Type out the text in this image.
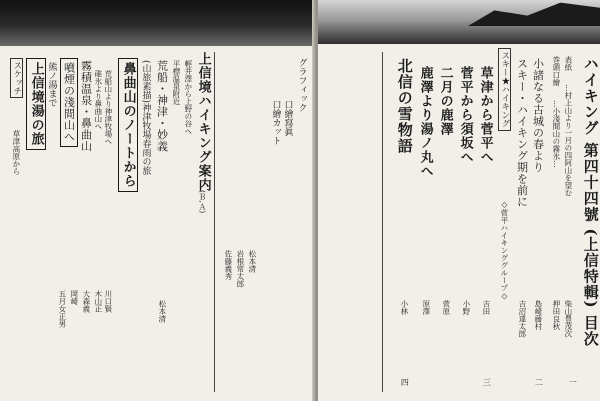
グラフィック
口繪寫眞
口繪カット
松本清
岩根常太郎
佐藤義秀
上信境ハイキング案内
(Ｂ,Ａ)
輕井澤から上野の谷へ
平標温泉附近
荒船・神津・妙義
松本清
(山旅素描)神津牧場春雨の旅
鼻曲山のノートから
荒船山より神津牧場へ
碓氷より鼻曲山へ
霧積温泉・鼻曲山
噴煙の淺間山へ
熊ノ湯まで
川口賢
木山正
大森義
岡崎
五月女正男
上信境湯の旅
スケッチ
草津高原から	ハイキング 第四十四號 (上信特輯) 目次
表紙
…村上山より一月の四阿山を望む
柴山豊茂次
巻頭口繪
…小淺間山の霧氷…
押田良秋
小諸なる古城の春より
島崎藤村
スキー・ハイキング期を前に
吉沼達太郎
スキー★ハイキング
◇菅平ハイキンググループ◇
草津から菅平へ
菅平から須坂へ
二月の鹿澤
鹿澤より湯ノ丸へ
吉田
小野
菅原
原澤
北信の雪物語
小林
一
二
三
四
